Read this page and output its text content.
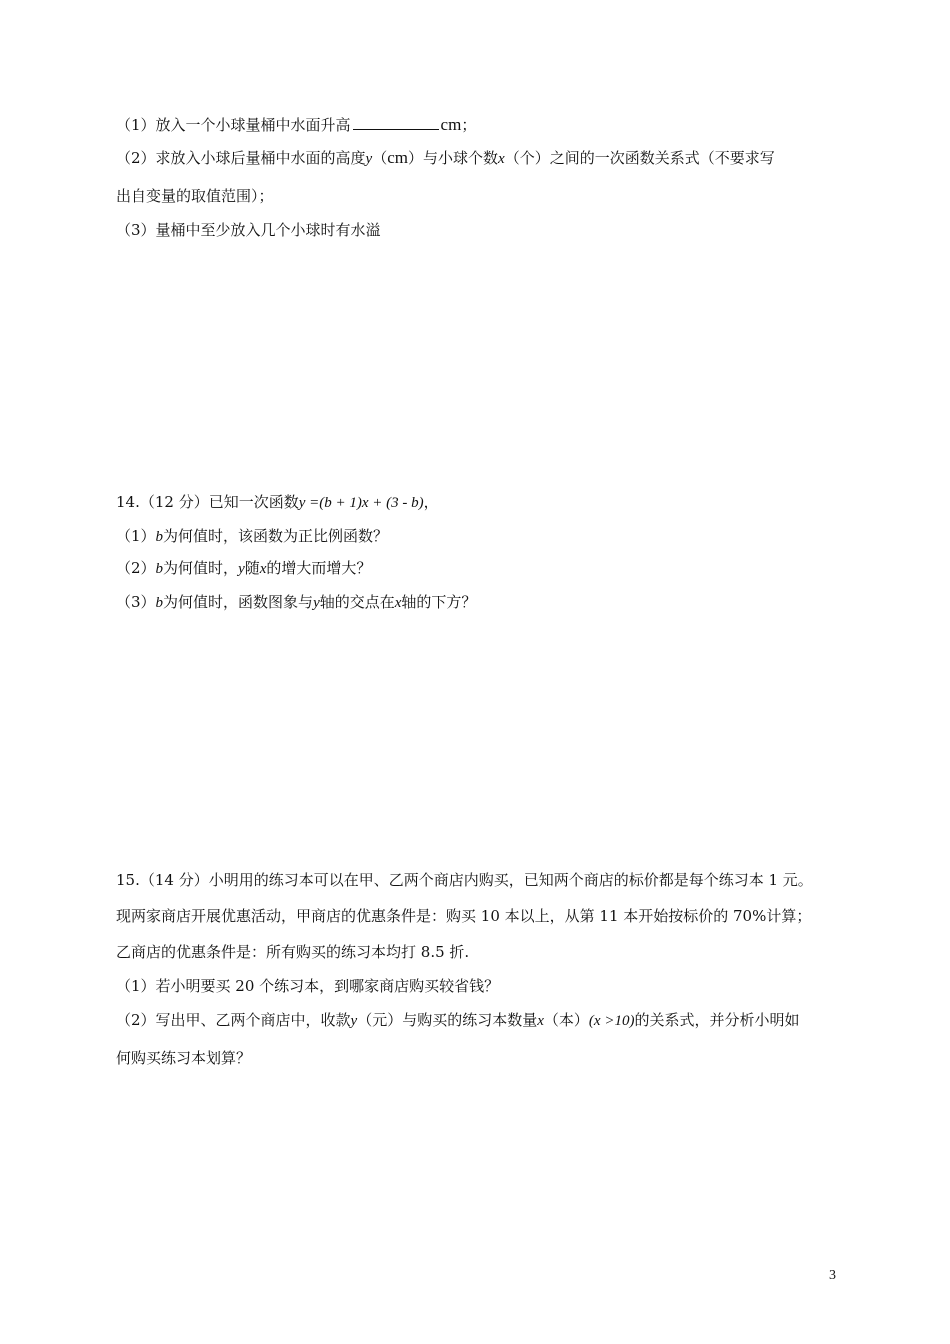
（1）放入一个小球量桶中水面升高	cm；
（2）求放入小球后量桶中水面的高度y（cm）与小球个数x（个）之间的一次函数关系式（不要求写
出自变量的取值范围）；
（3）量桶中至少放入几个小球时有水溢
14.（12 分）已知一次函数y =(b + 1)x + (3 - b)，
（1）b为何值时，该函数为正比例函数？
（2）b为何值时，y随x的增大而增大？
（3）b为何值时，函数图象与y轴的交点在x轴的下方？
15.（14 分）小明用的练习本可以在甲、乙两个商店内购买，已知两个商店的标价都是每个练习本 1 元。
现两家商店开展优惠活动，甲商店的优惠条件是：购买 10 本以上，从第 11 本开始按标价的 70%计算；
乙商店的优惠条件是：所有购买的练习本均打 8.5 折.
（1）若小明要买 20 个练习本，到哪家商店购买较省钱？
（2）写出甲、乙两个商店中，收款y（元）与购买的练习本数量x（本）(x >10)的关系式，并分析小明如
何购买练习本划算？
3
